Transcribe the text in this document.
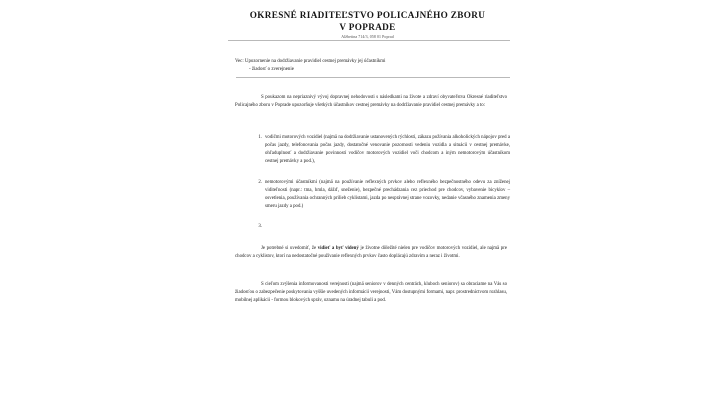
OKRESNÉ RIADITEĽSTVO POLICAJNÉHO ZBORU
V POPRADE
Alžbetina 714/3, 058 01 Poprad
Vec: Upozornenie na dodržiavanie pravidiel cestnej premávky jej účastníkmi
- žiadosť o zverejnenie
S poukazom na nepriaznivý vývoj dopravnej nehodovosti s následkami na živote a zdraví obyvateľstva Okresné riaditeľstvo Policajného zboru v Poprade upozorňuje všetkých účastníkov cestnej premávky na dodržiavanie pravidiel cestnej premávky a to:
1. vodičmi motorových vozidiel (najmä na dodržiavanie ustanovených rýchlostí, zákazu požívania alkoholických nápojov pred a počas jazdy, telefonovania počas jazdy, dostatočné venovanie pozornosti vedeniu vozidla a situácii v cestnej premávke, ohľaduplnosť a dodržiavanie povinností vodičov motorových vozidiel voči chodcom a iným nemotorovým účastníkom cestnej premávky a pod.),
2. nemotorovými účastníkmi (najmä na používanie reflexných prvkov alebo reflexného bezpečnostného odevu za zníženej viditeľnosti (napr.: tma, hmla, dážď, sneženie), bezpečné prechádzania cez priechod pre chodcov, vybavenie bicyklov – osvetlenia, používania ochranných prilieb cyklistami, jazda po nesprávnej strane vozovky, nedanie včasného znamenia zmeny smeru jazdy a pod.)
3.
Je potrebné si uvedomiť, že vidieť a byť videný je životne dôležité nielen pre vodičov motorových vozidiel, ale najmä pre chodcov a cyklistov, ktorí na nedostatočné používanie reflexných prvkov často doplácajú zdravím a neraz i životmi.
S cieľom zvýšenia informovanosti verejnosti (najmä seniorov v denných centrách, kluboch seniorov) sa obraciame na Vás so žiadosťou o zabezpečenie poskytovania vyššie uvedených informácií verejnosti, Vám dostupnými formami, napr. prostredníctvom rozhlasu, mobilnej aplikácii - formou blokových správ, oznamu na úradnej tabuli a pod.
